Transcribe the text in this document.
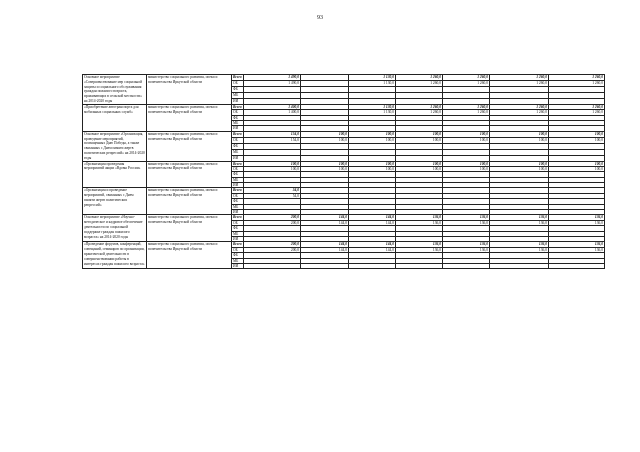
93
Основное мероприятие «Совершенствование мер социальной защиты и социального обслуживания граждан пожилого возраста, проживающих в сельской местности» на 2014-2020 годы	министерство социального развития, опеки и попечительства Иркутской области	Всего	1 490,0		1 130,0	1 260,0	1 260,0	1 260,0	1 260,0
		ОБ	1 490,0		1 130,0	1 260,0	1 260,0	1 260,0	1 260,0
		ФБ							
		МБ							
		ИИ							
«Приобретение автотранспорта для мобильных социальных служб»	министерство социального развития, опеки и попечительства Иркутской области	Всего	1 400,0		1 130,0	1 260,0	1 260,0	1 260,0	1 260,0
		ОБ	1 400,0		1 130,0	1 260,0	1 260,0	1 260,0	1 260,0
		ФБ							
		МБ							
		ИИ							
Основное мероприятие «Организация, проведение мероприятий, посвященных Дню Победы, а также связанных с Днем памяти жертв политических репрессий» на 2014-2020 годы	министерство социального развития, опеки и попечительства Иркутской области	Всего	154,0	100,0	100,0	100,0	100,0	100,0	100,0
		ОБ	154,0	100,0	100,0	100,0	100,0	100,0	100,0
		ФБ							
		МБ							
		ИИ							
«Организация проведения мероприятий акции «Вдовы России»	министерство социального развития, опеки и попечительства Иркутской области	Всего	100,0	100,0	100,0	100,0	100,0	100,0	100,0
		ОБ	100,0	100,0	100,0	100,0	100,0	100,0	100,0
		ФБ							
		МБ							
		ИИ							
«Организация и проведение мероприятий, связанных с Днем памяти жертв политических репрессий»	министерство социального развития, опеки и попечительства Иркутской области	Всего	54,0						
		ОБ	54,0						
		ФБ							
		МБ							
		ИИ							
Основное мероприятие «Научно-методическое и кадровое обеспечение деятельности по социальной поддержке граждан пожилого возраста» на 2014-2020 годы	министерство социального развития, опеки и попечительства Иркутской области	Всего	200,0	144,0	144,0	136,0	136,0	136,0	136,0
		ОБ	200,0	144,0	144,0	136,0	136,0	136,0	136,0
		ФБ							
		МБ							
		ИИ							
«Проведение форумов, конференций, совещаний, семинаров по организации, практической деятельности в совершенствовании работы в интересах граждан пожилого возраста»	министерство социального развития, опеки и попечительства Иркутской области	Всего	200,0	144,0	144,0	136,0	136,0	136,0	136,0
		ОБ	200,0	144,0	144,0	136,0	136,0	136,0	136,0
		ФБ							
		МБ							
		ИИ							
